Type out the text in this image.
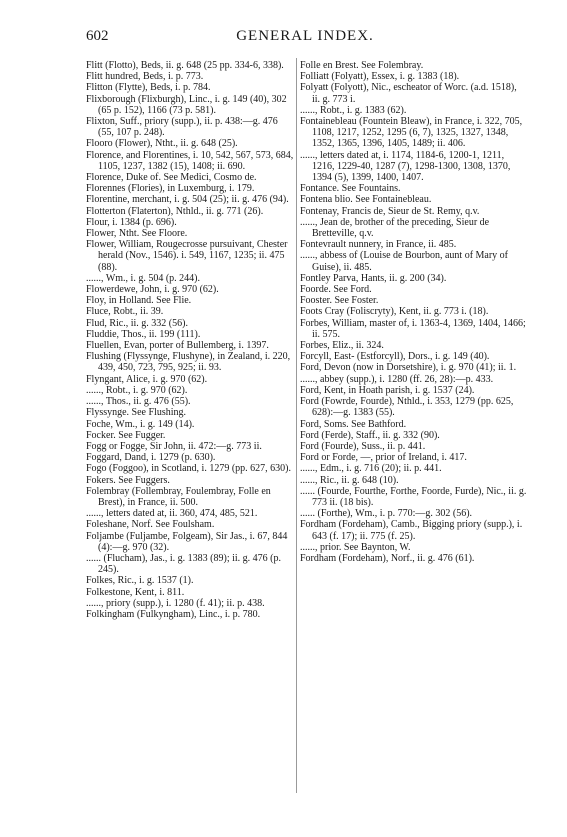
602	GENERAL INDEX.

Flitt (Flotto), Beds, ii. g. 648 (25 pp. 334-6, 338).

Flitt hundred, Beds, i. p. 773.

Flitton (Flytte), Beds, i. p. 784.

Flixborough (Flixburgh), Linc., i. g. 149 (40), 302 (65 p. 152), 1166 (73 p. 581).

Flixton, Suff., priory (supp.), ii. p. 438:—g. 476 (55, 107 p. 248).

Flooro (Flower), Ntht., ii. g. 648 (25).

Florence, and Florentines, i. 10, 542, 567, 573, 684, 1105, 1237, 1382 (15), 1408; ii. 690.

Florence, Duke of. See Medici, Cosmo de.

Florennes (Flories), in Luxemburg, i. 179.

Florentine, merchant, i. g. 504 (25); ii. g. 476 (94).

Flotterton (Flaterton), Nthld., ii. g. 771 (26).

Flour, i. 1384 (p. 696).

Flower, Ntht. See Floore.

Flower, William, Rougecrosse pursuivant, Chester herald (Nov., 1546). i. 549, 1167, 1235; ii. 475 (88).

......, Wm., i. g. 504 (p. 244).

Flowerdewe, John, i. g. 970 (62).

Floy, in Holland. See Flie.

Fluce, Robt., ii. 39.

Flud, Ric., ii. g. 332 (56).

Fluddie, Thos., ii. 199 (111).

Fluellen, Evan, porter of Bullemberg, i. 1397.

Flushing (Flyssynge, Flushyne), in Zealand, i. 220, 439, 450, 723, 795, 925; ii. 93.

Flyngant, Alice, i. g. 970 (62).

......, Robt., i. g. 970 (62).

......, Thos., ii. g. 476 (55).

Flyssynge. See Flushing.

Foche, Wm., i. g. 149 (14).

Focker. See Fugger.

Fogg or Fogge, Sir John, ii. 472:—g. 773 ii.

Foggard, Dand, i. 1279 (p. 630).

Fogo (Foggoo), in Scotland, i. 1279 (pp. 627, 630).

Fokers. See Fuggers.

Folembray (Follembray, Foulembray, Folle en Brest), in France, ii. 500.

......, letters dated at, ii. 360, 474, 485, 521.

Foleshane, Norf. See Foulsham.

Foljambe (Fuljambe, Folgeam), Sir Jas., i. 67, 844 (4):—g. 970 (32).

...... (Flucham), Jas., i. g. 1383 (89); ii. g. 476 (p. 245).

Folkes, Ric., i. g. 1537 (1).

Folkestone, Kent, i. 811.

......, priory (supp.), i. 1280 (f. 41); ii. p. 438.

Folkingham (Fulkyngham), Linc., i. p. 780.

Folle en Brest. See Folembray.

Folliatt (Folyatt), Essex, i. g. 1383 (18).

Folyatt (Folyott), Nic., escheator of Worc. (a.d. 1518), ii. g. 773 i.

......, Robt., i. g. 1383 (62).

Fontainebleau (Fountein Bleaw), in France, i. 322, 705, 1108, 1217, 1252, 1295 (6, 7), 1325, 1327, 1348, 1352, 1365, 1396, 1405, 1489; ii. 406.

......, letters dated at, i. 1174, 1184-6, 1200-1, 1211, 1216, 1229-40, 1287 (7), 1298-1300, 1308, 1370, 1394 (5), 1399, 1400, 1407.

Fontance. See Fountains.

Fontena blio. See Fontainebleau.

Fontenay, Francis de, Sieur de St. Remy, q.v.

......, Jean de, brother of the preceding, Sieur de Bretteville, q.v.

Fontevrault nunnery, in France, ii. 485.

......, abbess of (Louise de Bourbon, aunt of Mary of Guise), ii. 485.

Fontley Parva, Hants, ii. g. 200 (34).

Foorde. See Ford.

Fooster. See Foster.

Foots Cray (Foliscryty), Kent, ii. g. 773 i. (18).

Forbes, William, master of, i. 1363-4, 1369, 1404, 1466; ii. 575.

Forbes, Eliz., ii. 324.

Forcyll, East- (Estforcyll), Dors., i. g. 149 (40).

Ford, Devon (now in Dorsetshire), i. g. 970 (41); ii. 1.

......, abbey (supp.), i. 1280 (ff. 26, 28):—p. 433.

Ford, Kent, in Hoath parish, i. g. 1537 (24).

Ford (Fowrde, Fourde), Nthld., i. 353, 1279 (pp. 625, 628):—g. 1383 (55).

Ford, Soms. See Bathford.

Ford (Ferde), Staff., ii. g. 332 (90).

Ford (Fourde), Suss., ii. p. 441.

Ford or Forde, —, prior of Ireland, i. 417.

......, Edm., i. g. 716 (20); ii. p. 441.

......, Ric., ii. g. 648 (10).

...... (Fourde, Fourthe, Forthe, Foorde, Furde), Nic., ii. g. 773 ii. (18 bis).

...... (Forthe), Wm., i. p. 770:—g. 302 (56).

Fordham (Fordeham), Camb., Bigging priory (supp.), i. 643 (f. 17); ii. 775 (f. 25).

......, prior. See Baynton, W.

Fordham (Fordeham), Norf., ii. g. 476 (61).
